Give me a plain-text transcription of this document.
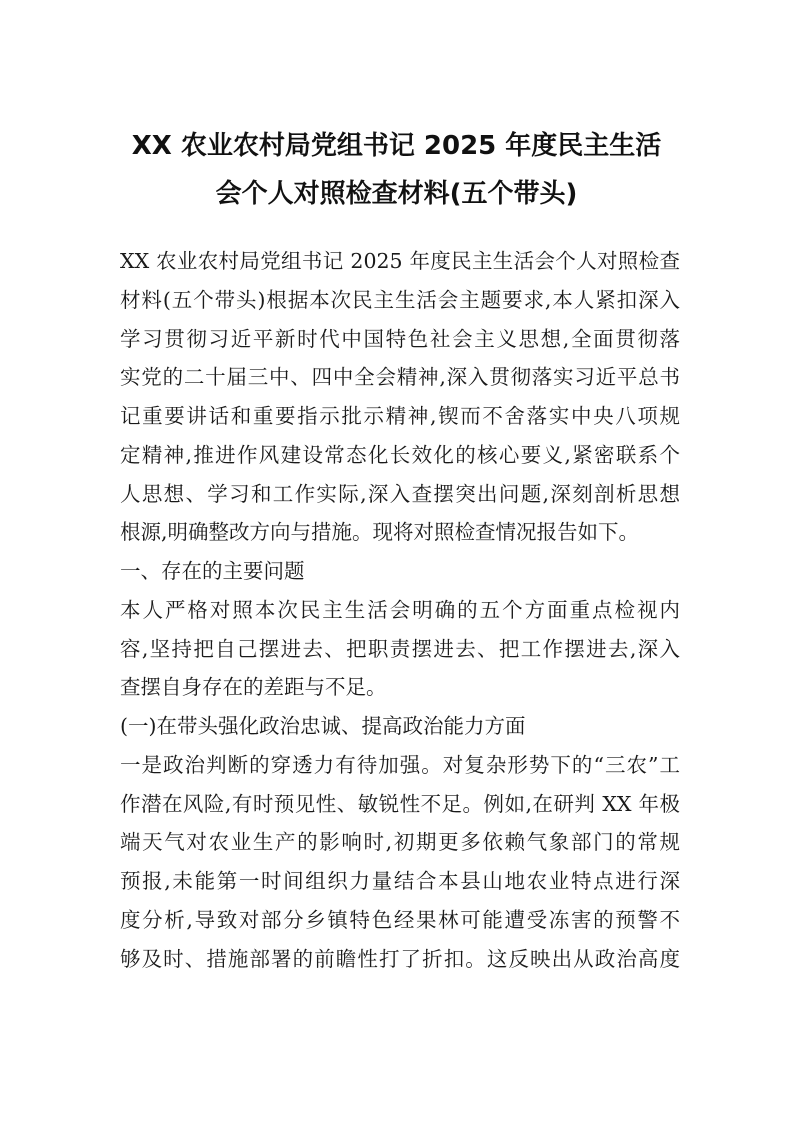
XX 农业农村局党组书记 2025 年度民主生活
会个人对照检查材料(五个带头)
XX 农业农村局党组书记 2025 年度民主生活会个人对照检查
材料(五个带头)根据本次民主生活会主题要求,本人紧扣深入
学习贯彻习近平新时代中国特色社会主义思想,全面贯彻落
实党的二十届三中、四中全会精神,深入贯彻落实习近平总书
记重要讲话和重要指示批示精神,锲而不舍落实中央八项规
定精神,推进作风建设常态化长效化的核心要义,紧密联系个
人思想、学习和工作实际,深入查摆突出问题,深刻剖析思想
根源,明确整改方向与措施。现将对照检查情况报告如下。
一、存在的主要问题
本人严格对照本次民主生活会明确的五个方面重点检视内
容,坚持把自己摆进去、把职责摆进去、把工作摆进去,深入
查摆自身存在的差距与不足。
(一)在带头强化政治忠诚、提高政治能力方面
一是政治判断的穿透力有待加强。对复杂形势下的“三农”工
作潜在风险,有时预见性、敏锐性不足。例如,在研判 XX 年极
端天气对农业生产的影响时,初期更多依赖气象部门的常规
预报,未能第一时间组织力量结合本县山地农业特点进行深
度分析,导致对部分乡镇特色经果林可能遭受冻害的预警不
够及时、措施部署的前瞻性打了折扣。这反映出从政治高度
